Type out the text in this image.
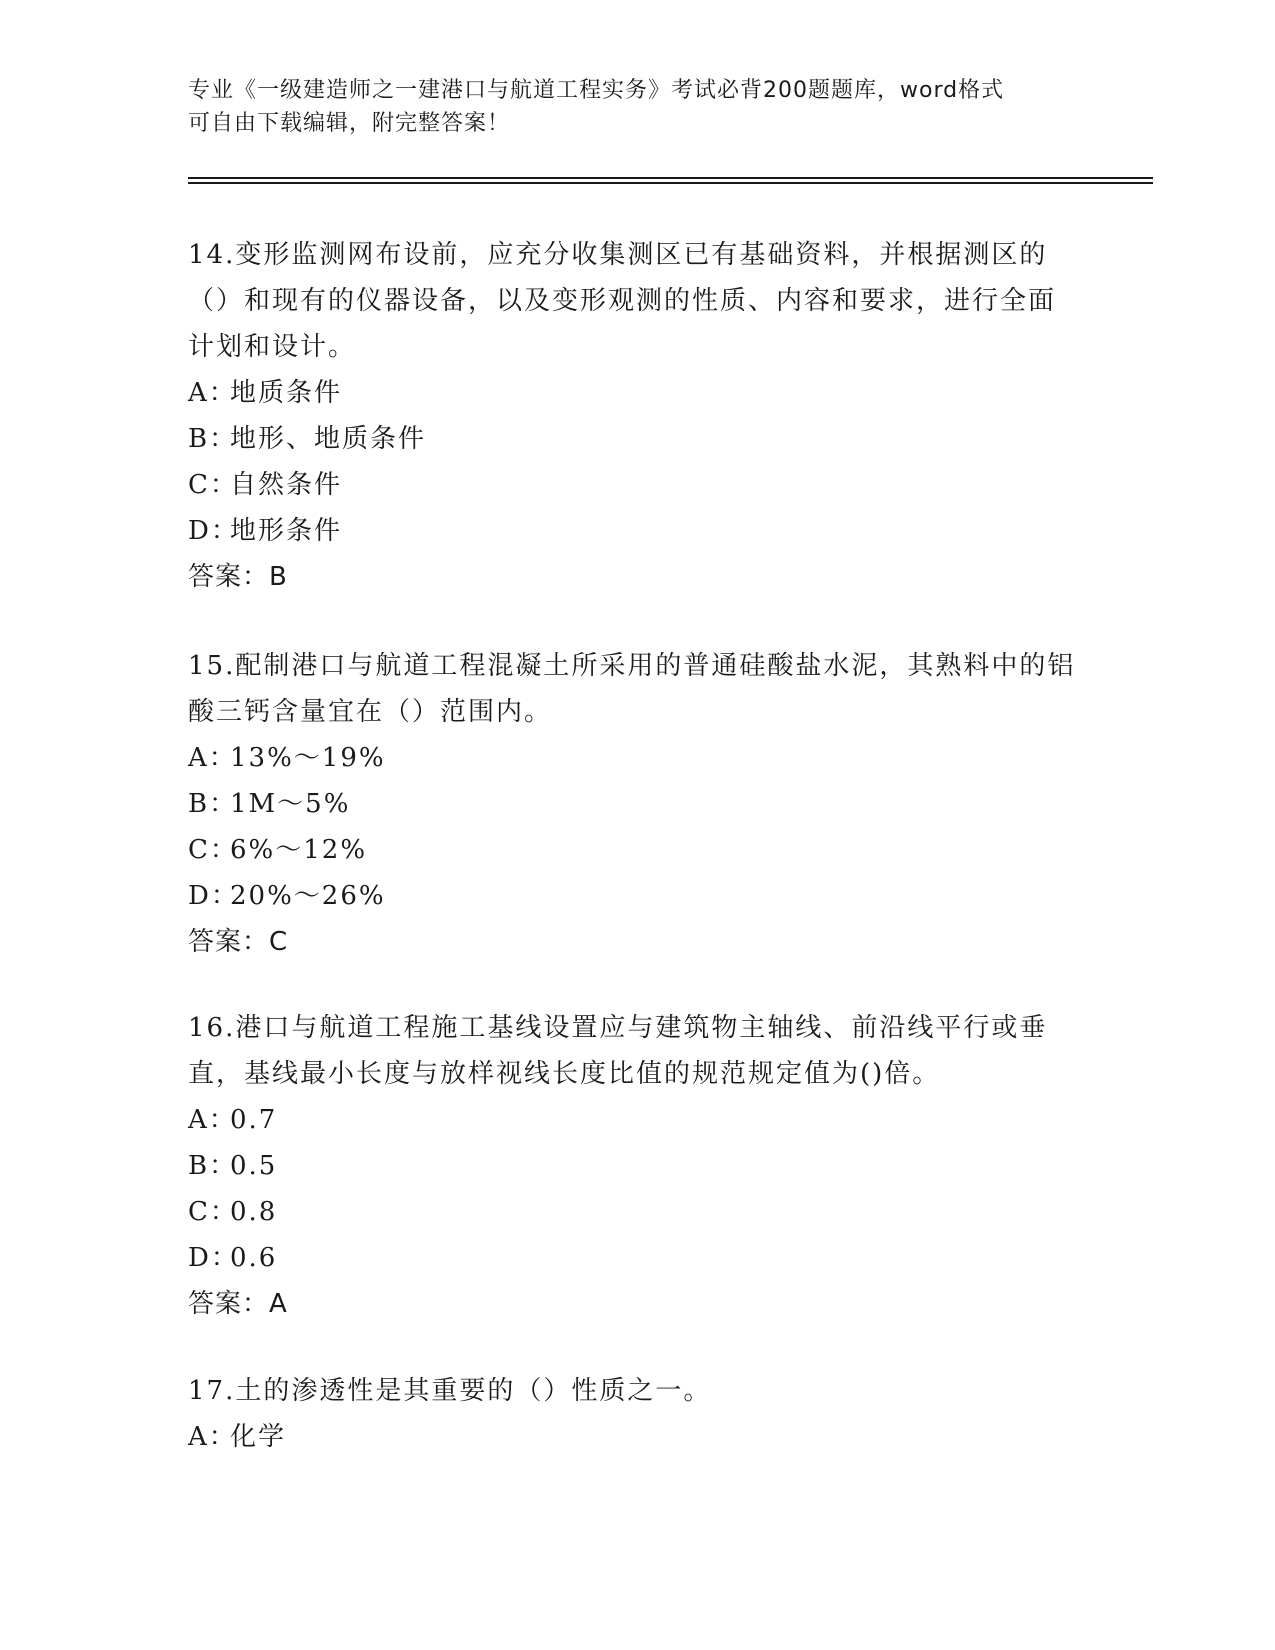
专业《一级建造师之一建港口与航道工程实务》考试必背200题题库，word格式
可自由下载编辑，附完整答案！

14.变形监测网布设前，应充分收集测区已有基础资料，并根据测区的（）和现有的仪器设备，以及变形观测的性质、内容和要求，进行全面计划和设计。

A：地质条件

B：地形、地质条件

C：自然条件

D：地形条件

答案：B

15.配制港口与航道工程混凝土所采用的普通硅酸盐水泥，其熟料中的铝酸三钙含量宜在（）范围内。

A：13%～19%

B：1M～5%

C：6%～12%

D：20%～26%

答案：C

16.港口与航道工程施工基线设置应与建筑物主轴线、前沿线平行或垂直，基线最小长度与放样视线长度比值的规范规定值为()倍。

A：0.7

B：0.5

C：0.8

D：0.6

答案：A

17.土的渗透性是其重要的（）性质之一。

A：化学
